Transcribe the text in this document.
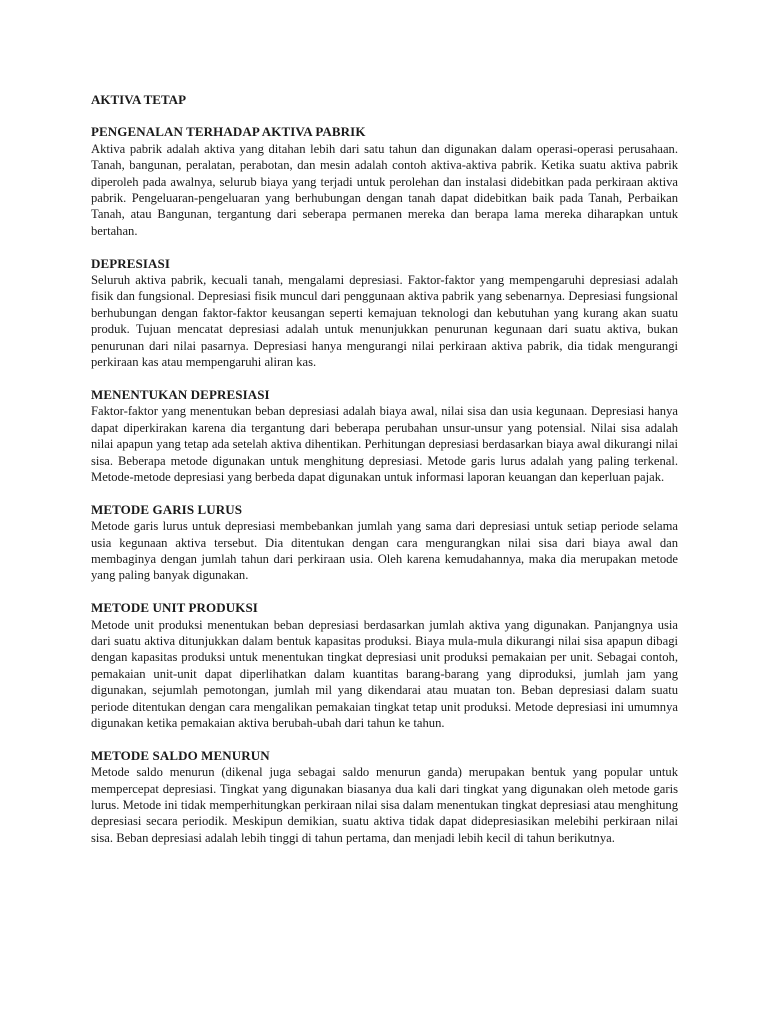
AKTIVA TETAP
PENGENALAN TERHADAP AKTIVA PABRIK

Aktiva pabrik adalah aktiva yang ditahan lebih dari satu tahun dan digunakan dalam operasi-operasi perusahaan. Tanah, bangunan, peralatan, perabotan, dan mesin adalah contoh aktiva-aktiva pabrik. Ketika suatu aktiva pabrik diperoleh pada awalnya, selurub biaya yang terjadi untuk perolehan dan instalasi didebitkan pada perkiraan aktiva pabrik. Pengeluaran-pengeluaran yang berhubungan dengan tanah dapat didebitkan baik pada Tanah, Perbaikan Tanah, atau Bangunan, tergantung dari seberapa permanen mereka dan berapa lama mereka diharapkan untuk bertahan.

DEPRESIASI

Seluruh aktiva pabrik, kecuali tanah, mengalami depresiasi. Faktor-faktor yang mempengaruhi depresiasi adalah fisik dan fungsional. Depresiasi fisik muncul dari penggunaan aktiva pabrik yang sebenarnya. Depresiasi fungsional berhubungan dengan faktor-faktor keusangan seperti kemajuan teknologi dan kebutuhan yang kurang akan suatu produk. Tujuan mencatat depresiasi adalah untuk menunjukkan penurunan kegunaan dari suatu aktiva, bukan penurunan dari nilai pasarnya. Depresiasi hanya mengurangi nilai perkiraan aktiva pabrik, dia tidak mengurangi perkiraan kas atau mempengaruhi aliran kas.

MENENTUKAN DEPRESIASI

Faktor-faktor yang menentukan beban depresiasi adalah biaya awal, nilai sisa dan usia kegunaan. Depresiasi hanya dapat diperkirakan karena dia tergantung dari beberapa perubahan unsur-unsur yang potensial. Nilai sisa adalah nilai apapun yang tetap ada setelah aktiva dihentikan. Perhitungan depresiasi berdasarkan biaya awal dikurangi nilai sisa. Beberapa metode digunakan untuk menghitung depresiasi. Metode garis lurus adalah yang paling terkenal. Metode-metode depresiasi yang berbeda dapat digunakan untuk informasi laporan keuangan dan keperluan pajak.

METODE GARIS LURUS

Metode garis lurus untuk depresiasi membebankan jumlah yang sama dari depresiasi untuk setiap periode selama usia kegunaan aktiva tersebut. Dia ditentukan dengan cara mengurangkan nilai sisa dari biaya awal dan membaginya dengan jumlah tahun dari perkiraan usia. Oleh karena kemudahannya, maka dia merupakan metode yang paling banyak digunakan.

METODE UNIT PRODUKSI

Metode unit produksi menentukan beban depresiasi berdasarkan jumlah aktiva yang digunakan. Panjangnya usia dari suatu aktiva ditunjukkan dalam bentuk kapasitas produksi. Biaya mula-mula dikurangi nilai sisa apapun dibagi dengan kapasitas produksi untuk menentukan tingkat depresiasi unit produksi pemakaian per unit. Sebagai contoh, pemakaian unit-unit dapat diperlihatkan dalam kuantitas barang-barang yang diproduksi, jumlah jam yang digunakan, sejumlah pemotongan, jumlah mil yang dikendarai atau muatan ton. Beban depresiasi dalam suatu periode ditentukan dengan cara mengalikan pemakaian tingkat tetap unit produksi. Metode depresiasi ini umumnya digunakan ketika pemakaian aktiva berubah-ubah dari tahun ke tahun.

METODE SALDO MENURUN

Metode saldo menurun (dikenal juga sebagai saldo menurun ganda) merupakan bentuk yang popular untuk mempercepat depresiasi. Tingkat yang digunakan biasanya dua kali dari tingkat yang digunakan oleh metode garis lurus. Metode ini tidak memperhitungkan perkiraan nilai sisa dalam menentukan tingkat depresiasi atau menghitung depresiasi secara periodik. Meskipun demikian, suatu aktiva tidak dapat didepresiasikan melebihi perkiraan nilai sisa. Beban depresiasi adalah lebih tinggi di tahun pertama, dan menjadi lebih kecil di tahun berikutnya.
